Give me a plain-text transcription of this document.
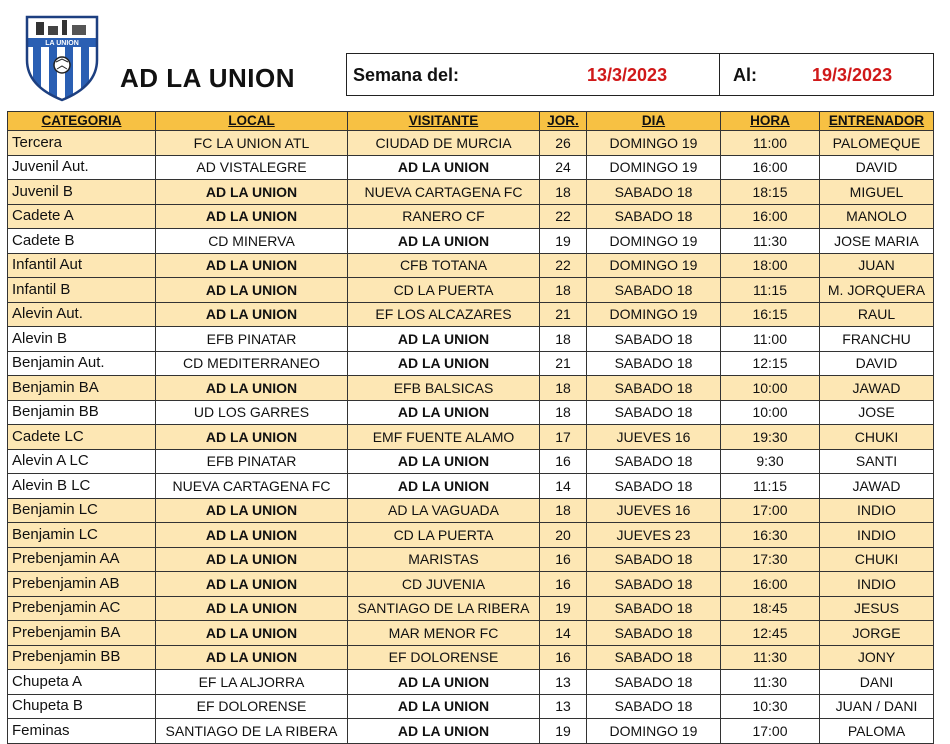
LA UNION
AD LA UNION	Semana del:	13/3/2023	Al:	19/3/2023
CATEGORIA	LOCAL	VISITANTE	JOR.	DIA	HORA	ENTRENADOR
Tercera	FC LA UNION ATL	CIUDAD DE MURCIA	26	DOMINGO 19	11:00	PALOMEQUE
Juvenil Aut.	AD VISTALEGRE	AD LA UNION	24	DOMINGO 19	16:00	DAVID
Juvenil B	AD LA UNION	NUEVA CARTAGENA FC	18	SABADO 18	18:15	MIGUEL
Cadete A	AD LA UNION	RANERO CF	22	SABADO 18	16:00	MANOLO
Cadete B	CD MINERVA	AD LA UNION	19	DOMINGO 19	11:30	JOSE MARIA
Infantil Aut	AD LA UNION	CFB TOTANA	22	DOMINGO 19	18:00	JUAN
Infantil B	AD LA UNION	CD LA PUERTA	18	SABADO 18	11:15	M. JORQUERA
Alevin Aut.	AD LA UNION	EF LOS ALCAZARES	21	DOMINGO 19	16:15	RAUL
Alevin B	EFB PINATAR	AD LA UNION	18	SABADO 18	11:00	FRANCHU
Benjamin Aut.	CD MEDITERRANEO	AD LA UNION	21	SABADO 18	12:15	DAVID
Benjamin BA	AD LA UNION	EFB BALSICAS	18	SABADO 18	10:00	JAWAD
Benjamin BB	UD LOS GARRES	AD LA UNION	18	SABADO 18	10:00	JOSE
Cadete LC	AD LA UNION	EMF FUENTE ALAMO	17	JUEVES 16	19:30	CHUKI
Alevin A LC	EFB PINATAR	AD LA UNION	16	SABADO 18	9:30	SANTI
Alevin B LC	NUEVA CARTAGENA FC	AD LA UNION	14	SABADO 18	11:15	JAWAD
Benjamin LC	AD LA UNION	AD LA VAGUADA	18	JUEVES 16	17:00	INDIO
Benjamin LC	AD LA UNION	CD LA PUERTA	20	JUEVES 23	16:30	INDIO
Prebenjamin AA	AD LA UNION	MARISTAS	16	SABADO 18	17:30	CHUKI
Prebenjamin AB	AD LA UNION	CD JUVENIA	16	SABADO 18	16:00	INDIO
Prebenjamin AC	AD LA UNION	SANTIAGO DE LA RIBERA	19	SABADO 18	18:45	JESUS
Prebenjamin BA	AD LA UNION	MAR MENOR FC	14	SABADO 18	12:45	JORGE
Prebenjamin BB	AD LA UNION	EF DOLORENSE	16	SABADO 18	11:30	JONY
Chupeta A	EF LA ALJORRA	AD LA UNION	13	SABADO 18	11:30	DANI
Chupeta B	EF DOLORENSE	AD LA UNION	13	SABADO 18	10:30	JUAN / DANI
Feminas	SANTIAGO DE LA RIBERA	AD LA UNION	19	DOMINGO 19	17:00	PALOMA
